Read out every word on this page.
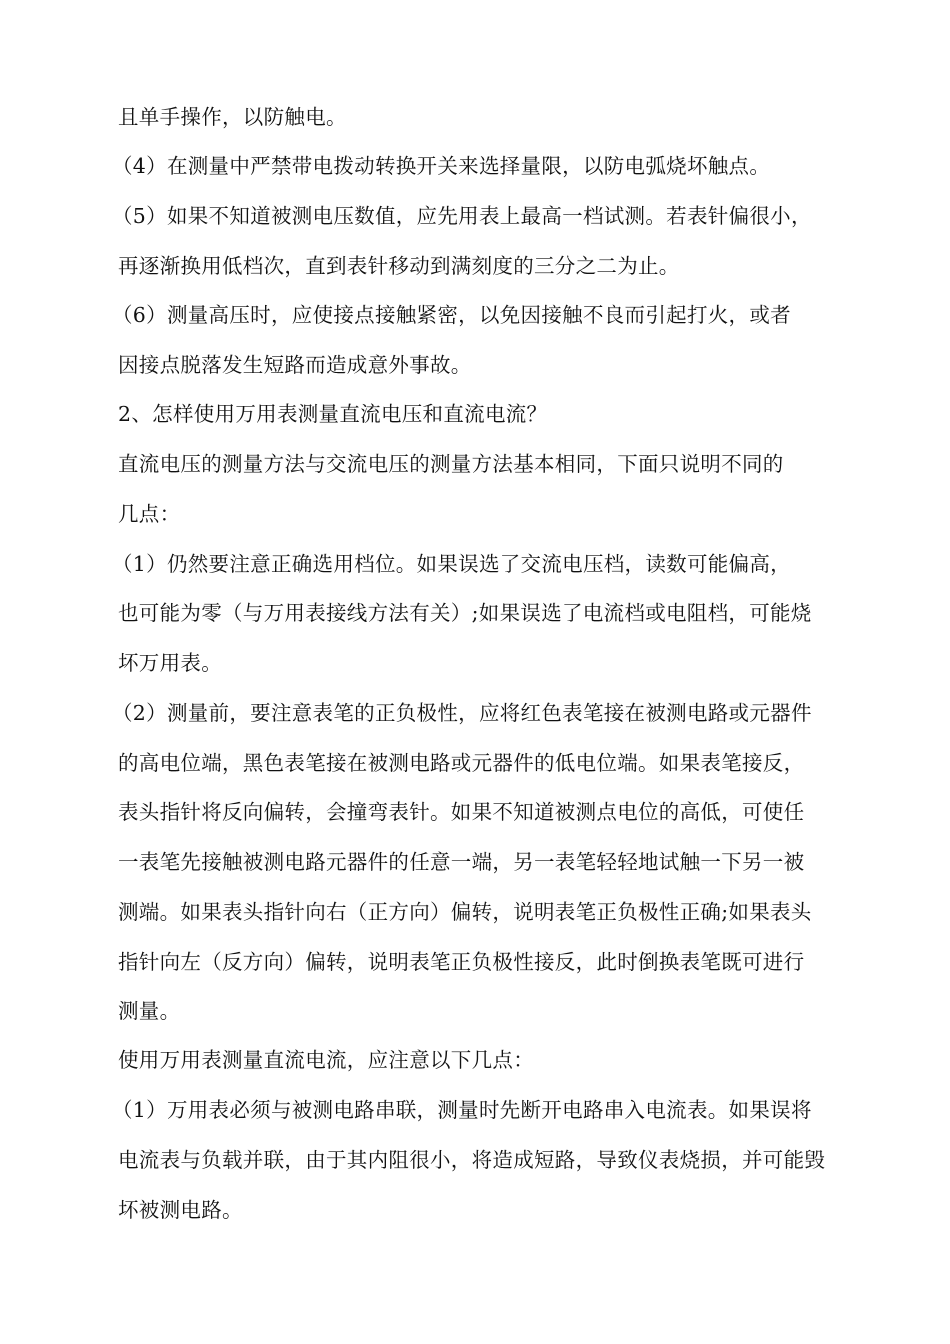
且单手操作，以防触电。
（4）在测量中严禁带电拨动转换开关来选择量限，以防电弧烧坏触点。
（5）如果不知道被测电压数值，应先用表上最高一档试测。若表针偏很小，
再逐渐换用低档次，直到表针移动到满刻度的三分之二为止。
（6）测量高压时，应使接点接触紧密，以免因接触不良而引起打火，或者
因接点脱落发生短路而造成意外事故。
2、怎样使用万用表测量直流电压和直流电流？
直流电压的测量方法与交流电压的测量方法基本相同，下面只说明不同的
几点：
（1）仍然要注意正确选用档位。如果误选了交流电压档，读数可能偏高，
也可能为零（与万用表接线方法有关）;如果误选了电流档或电阻档，可能烧
坏万用表。
（2）测量前，要注意表笔的正负极性，应将红色表笔接在被测电路或元器件
的高电位端，黑色表笔接在被测电路或元器件的低电位端。如果表笔接反，
表头指针将反向偏转，会撞弯表针。如果不知道被测点电位的高低，可使任
一表笔先接触被测电路元器件的任意一端，另一表笔轻轻地试触一下另一被
测端。如果表头指针向右（正方向）偏转，说明表笔正负极性正确;如果表头
指针向左（反方向）偏转，说明表笔正负极性接反，此时倒换表笔既可进行
测量。
使用万用表测量直流电流，应注意以下几点：
（1）万用表必须与被测电路串联，测量时先断开电路串入电流表。如果误将
电流表与负载并联，由于其内阻很小，将造成短路，导致仪表烧损，并可能毁
坏被测电路。
